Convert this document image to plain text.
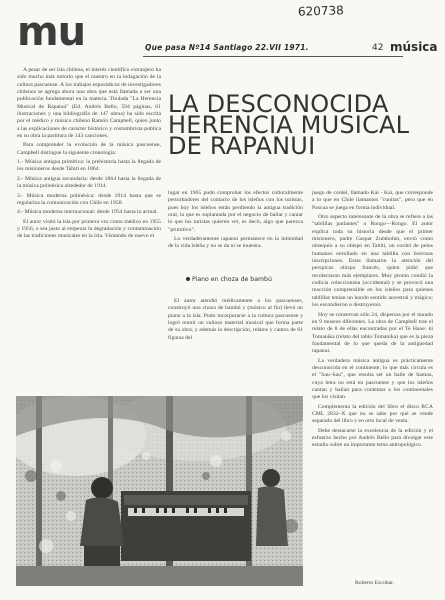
mu	620738
Que pasa Nº14 Santiago 22.VII 1971.	42 música

A pesar de ser isla chilena, el interés científico extranjero ha sido mucho más notorio que el nuestro en la indagación de la cultura pascuense. A los trabajos esporádicos de investigadores chilenos se agrega ahora una obra que está llamada a ser una publicación fundamental en la materia. Titulada "La Herencia Musical de Rapanui" (Ed. Andrés Bello, 594 páginas, 61 ilustraciones y una bibliografía de 147 obras) ha sido escrita por el médico y músico chileno Ramón Campbell, quien junto a las explicaciones de carácter histórico y costumbrista publica en su obra la partitura de 143 canciones.

Para comprender la evolución de la música pascuense, Campbell distingue la siguiente cronología:

1.- Música antigua primitiva: la prehistoria hasta la llegada de los misioneros desde Tahití en 1864.

2.- Música antigua secundaria: desde 1864 hasta la llegada de la música polinésica alrededor de 1914.

3.- Música moderna polinésica: desde 1914 hasta que se regulariza la comunicación con Chile en 1958.

4.- Música moderna internacional: desde 1954 hasta lo actual.

El autor visitó la isla por primera vez como médico en 1955 y 1956, o sea justo al empezar la degradación y contaminación de las tradiciones musicales en la isla. Visitando de nuevo el

LA DESCONOCIDA
HERENCIA MUSICAL
DE RAPANUI

lugar en 1965 pudo comprobar los efectos culturalmente perturbadores del contacto de los isleños con los turistas, pues hoy los isleños están perdiendo la antigua tradición oral, la que es suplantada por el negocio de bailar y cantar lo que los turistas quieren ver, es decir, algo que parezca "primitivo".

Lo verdaderamente rapanui permanece en la intimidad de la vida isleña y no se da ni se muestra.

Piano en choza de bambú

El autor atendió médicamente a los pascuenses, construyó una choza de bambú y (músico al fin) llevó un piano a la isla. Pudo incorporarse a la cultura pascuense y logró reunir un valioso material musical que forma parte de su obra, y además la descripción, relatos y cantos de 61 figuras del

juego de cordel, llamado Kai - Kai, que corresponde a lo que en Chile llamamos "cunitas", pero que en Pascua se juega en forma individual.

Otro aspecto interesante de la obra se refiere a las "tablillas parlantes" o Rongo—Rongo. El autor explica toda su historia desde que el primer misionero, padre Gaspar Zumbohm, envió como obsequio a su obispo en Tahití, un cordel de pelos humanos enrollado en una tablilla con borrosas inscripciones. Estas llamaron la atención del perspicaz obispo francés, quien pidió que recolectaran más ejemplares. Muy pronto cundió la codicia coleccionista (occidental) y se provocó una reacción comprensible en los isleños para quienes tablillas tenían un hondo sentido ancestral y mágico; los escondieron o destruyeron.

Hoy se conservan sólo 24, dispersas por el mundo en 9 museos diferentes. La obra de Campbell trae el relato de 8 de ellas encontradas por el Te Haoe: ki Tomanika (relato del tablo Tomanika) que es la pieza fundamental de lo que queda de la antigüedad rapanui.

La verdadera música antigua es prácticamente desconocida en el continente; lo que más circula es el "Sau–Sau", que resulta ser un baile de Samoa, cuya letra no está en pascuense y que los isleños cantan y bailan para contentar a los continentales que los visitan.

Complementa la edición del libro el disco RCA CML 2832–X que no se sabe por qué se vende separado del libro y en otro local de venta.

Debe destacarse la excelencia de la edición y el esfuerzo hecho por Andrés Bello para divulgar este estudio sobre un importante tema antropológico.

Roberto Escobar.
